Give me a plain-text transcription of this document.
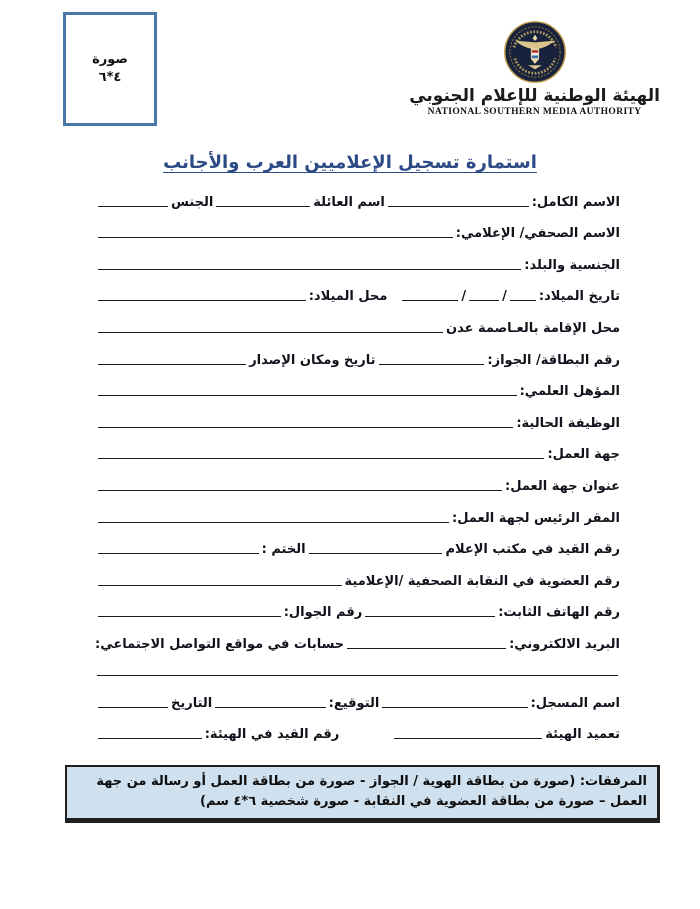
الهيئة الوطنية للإعلام الجنوبي
NATIONAL SOUTHERN MEDIA AUTHORITY
صورة
٤*٦
استمارة تسجيل الإعلاميين العرب والأجانب
الاسم الكامل:
اسم العائلة
الجنس
الاسم الصحفي/ الإعلامي:
الجنسية والبلد:
تاريخ الميلاد:
/
/
محل الميلاد:
محل الإقامة بالعـاصمة عدن
رقم البطاقة/ الجواز:
تاريخ ومكان الإصدار
المؤهل العلمي:
الوظيفة الحالية:
جهة العمل:
عنوان جهة العمل:
المقر الرئيس لجهة العمل:
رقم القيد في مكتب الإعلام
الختم :
رقم العضوية في النقابة الصحفية /الإعلامية
رقم الهاتف الثابت:
رقم الجوال:
البريد الالكتروني:
حسابات في مواقع التواصل الاجتماعي:
اسم المسجل:
التوقيع:
التاريخ
تعميد الهيئة
رقم القيد في الهيئة:
المرفقات: (صورة من بطاقة الهوية / الجواز - صورة من بطاقة العمل أو رسالة من جهة العمل – صورة من بطاقة العضوية في النقابة - صورة شخصية ٦*٤ سم)
